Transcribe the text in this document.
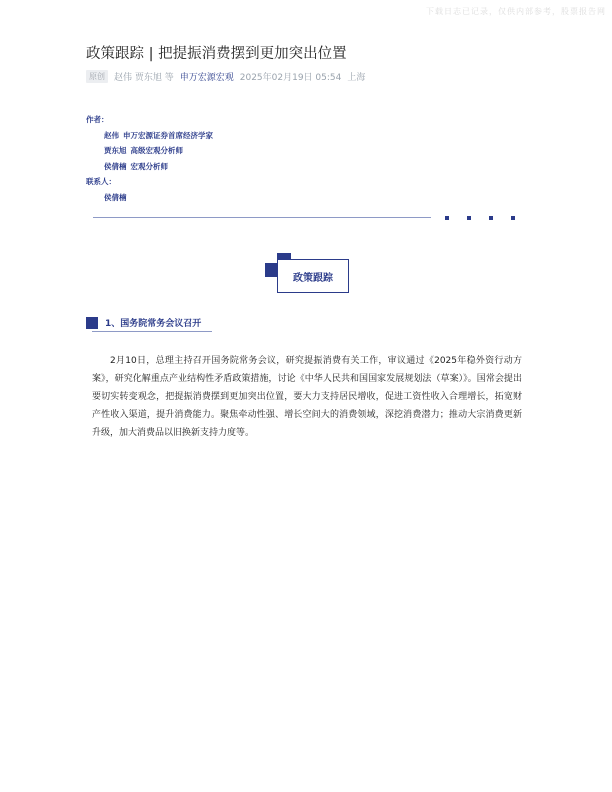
下载日志已记录，仅供内部参考，股票报告网
政策跟踪 | 把提振消费摆到更加突出位置
原创	赵伟 贾东旭 等 申万宏源宏观 2025年02月19日 05:54 上海
作者：
赵伟 申万宏源证券首席经济学家
贾东旭 高级宏观分析师
侯倩楠 宏观分析师
联系人：
侯倩楠
政策跟踪
1、国务院常务会议召开
2月10日，总理主持召开国务院常务会议，研究提振消费有关工作，审议通过《2025年稳外资行动方案》，研究化解重点产业结构性矛盾政策措施，讨论《中华人民共和国国家发展规划法（草案）》。国常会提出要切实转变观念，把提振消费摆到更加突出位置，要大力支持居民增收，促进工资性收入合理增长，拓宽财产性收入渠道，提升消费能力。聚焦牵动性强、增长空间大的消费领域，深挖消费潜力；推动大宗消费更新升级，加大消费品以旧换新支持力度等。
